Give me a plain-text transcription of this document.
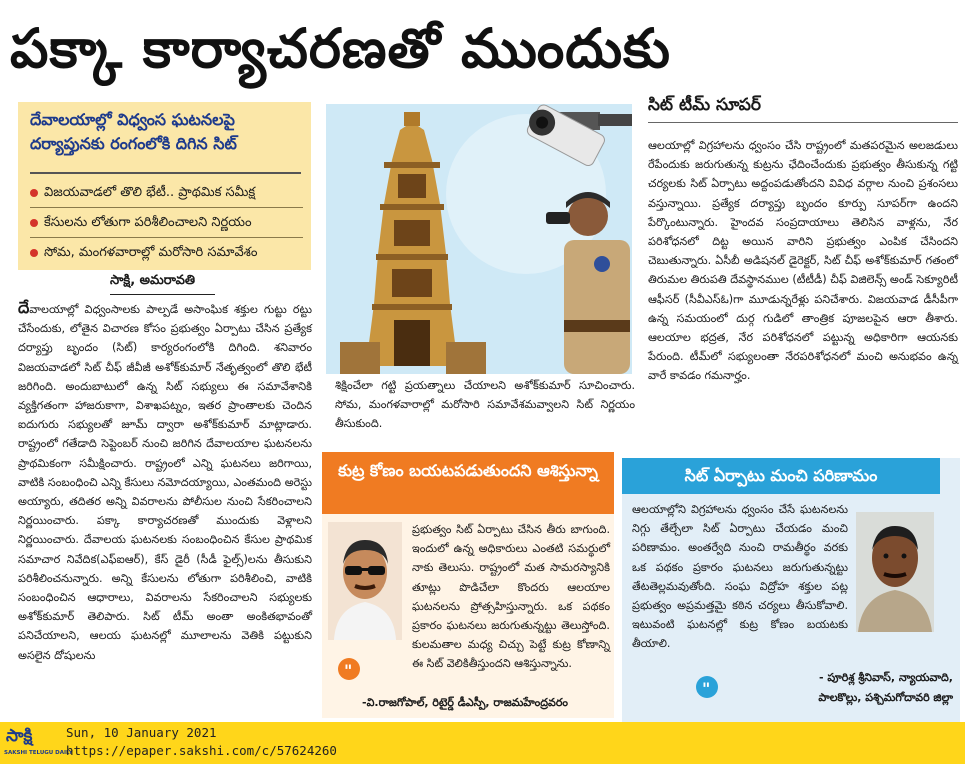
పక్కా కార్యాచరణతో ముందుకు
దేవాలయాల్లో విధ్వంస ఘటనలపై దర్యాప్తునకు రంగంలోకి దిగిన సిట్
విజయవాడలో తొలి భేటీ.. ప్రాథమిక సమీక్ష
కేసులను లోతుగా పరిశీలించాలని నిర్ణయం
సోమ, మంగళవారాల్లో మరోసారి సమావేశం
సాక్షి, అమరావతి
దేవాలయాల్లో విధ్వంసాలకు పాల్పడే అసాంఘిక శక్తుల గుట్టు రట్టు చేసేందుకు, లోతైన విచారణ కోసం ప్రభుత్వం ఏర్పాటు చేసిన ప్రత్యేక దర్యాప్తు బృందం (సిట్) కార్యరంగంలోకి దిగింది. శనివారం విజయవాడలో సిట్ చీఫ్ జీవీజీ అశోక్‌కుమార్ నేతృత్వంలో తొలి భేటీ జరిగింది. అందుబాటులో ఉన్న సిట్ సభ్యులు ఈ సమావేశానికి వ్యక్తిగతంగా హాజరుకాగా, విశాఖపట్నం, ఇతర ప్రాంతాలకు చెందిన ఐదుగురు సభ్యులతో జూమ్ ద్వారా అశోక్‌కుమార్ మాట్లాడారు. రాష్ట్రంలో గతేడాది సెప్టెంబర్ నుంచి జరిగిన దేవాలయాల ఘటనలను ప్రాథమికంగా సమీక్షించారు. రాష్ట్రంలో ఎన్ని ఘటనలు జరిగాయి, వాటికి సంబంధించి ఎన్ని కేసులు నమోదయ్యాయి, ఎంతమంది అరెస్టు అయ్యారు, తదితర అన్ని వివరాలను పోలీసుల నుంచి సేకరించాలని నిర్ణయించారు. పక్కా కార్యాచరణతో ముందుకు వెళ్లాలని నిర్ణయించారు. దేవాలయ ఘటనలకు సంబంధించిన కేసుల ప్రాథమిక సమాచార నివేదిక(ఎఫ్ఐఆర్), కేస్ డైరీ (సీడీ ఫైల్స్)లను తీసుకుని పరిశీలించనున్నారు. అన్ని కేసులను లోతుగా పరిశీలించి, వాటికి సంబంధించిన ఆధారాలు, వివరాలను సేకరించాలని సభ్యులకు అశోక్‌కుమార్ తెలిపారు. సిట్ టీమ్ అంతా అంకితభావంతో పనిచేయాలని, ఆలయ ఘటనల్లో మూలాలను వెతికి పట్టుకుని అసలైన దోషులను
శిక్షించేలా గట్టి ప్రయత్నాలు చేయాలని అశోక్‌కుమార్ సూచించారు. సోమ, మంగళవారాల్లో మరోసారి సమావేశమవ్వాలని సిట్ నిర్ణయం తీసుకుంది.
సిట్ టీమ్ సూపర్
ఆలయాల్లో విగ్రహాలను ధ్వంసం చేసి రాష్ట్రంలో మతపరమైన అలజడులు రేపేందుకు జరుగుతున్న కుట్రను ఛేదించేందుకు ప్రభుత్వం తీసుకున్న గట్టి చర్యలకు సిట్ ఏర్పాటు అద్దంపడుతోందని వివిధ వర్గాల నుంచి ప్రశంసలు వస్తున్నాయి. ప్రత్యేక దర్యాప్తు బృందం కూర్పు సూపర్‌గా ఉందని పేర్కొంటున్నారు. హైందవ సంప్రదాయాలు తెలిసిన వాళ్లను, నేర పరిశోధనలో దిట్ట అయిన వారిని ప్రభుత్వం ఎంపిక చేసిందని చెబుతున్నారు. ఏసీబీ అడిషనల్ డైరెక్టర్, సిట్ చీఫ్ అశోక్‌కుమార్ గతంలో తిరుమల తిరుపతి దేవస్థానముల (టీటీడీ) చీఫ్ విజిలెన్స్ అండ్ సెక్యూరిటీ ఆఫీసర్ (సీవీఎస్ఓ)గా మూడున్నరేళ్లు పనిచేశారు. విజయవాడ డీసీపీగా ఉన్న సమయంలో దుర్గ గుడిలో తాంత్రిక పూజలపైన ఆరా తీశారు. ఆలయాల భద్రత, నేర పరిశోధనలో పట్టున్న అధికారిగా ఆయనకు పేరుంది. టీమ్‌లో సభ్యులంతా నేరపరిశోధనలో మంచి అనుభవం ఉన్న వారే కావడం గమనార్హం.
కుట్ర కోణం బయటపడుతుందని ఆశిస్తున్నా
ప్రభుత్వం సిట్ ఏర్పాటు చేసిన తీరు బాగుంది. ఇందులో ఉన్న అధికారులు ఎంతటి సమర్థులో నాకు తెలుసు. రాష్ట్రంలో మత సామరస్యానికి తూట్లు పొడిచేలా కొందరు ఆలయాల ఘటనలను ప్రోత్సహిస్తున్నారు. ఒక పథకం ప్రకారం ఘటనలు జరుగుతున్నట్టు తెలుస్తోంది. కులమతాల మధ్య చిచ్చు పెట్టే కుట్ర కోణాన్ని ఈ సిట్ వెలికితీస్తుందని ఆశిస్తున్నాను.
"
-వి.రాజగోపాల్, రిటైర్డ్ డీఎస్పీ, రాజమహేంద్రవరం
సిట్ ఏర్పాటు మంచి పరిణామం
ఆలయాల్లోని విగ్రహాలను ధ్వంసం చేసే ఘటనలను నిగ్గు తేల్చేలా సిట్ ఏర్పాటు చేయడం మంచి పరిణామం. అంతర్వేది నుంచి రామతీర్థం వరకు ఒక పథకం ప్రకారం ఘటనలు జరుగుతున్నట్టు తేటతెల్లమవుతోంది. సంఘ విద్రోహ శక్తుల పట్ల ప్రభుత్వం అప్రమత్తమై కఠిన చర్యలు తీసుకోవాలి. ఇటువంటి ఘటనల్లో కుట్ర కోణం బయటకు తీయాలి.
"
- పూరిశ్ల శ్రీనివాస్, న్యాయవాది,
పాలకొల్లు, పశ్చిమగోదావరి జిల్లా
సాక్షి
SAKSHI TELUGU DAILY
Sun, 10 January 2021
https://epaper.sakshi.com/c/57624260
